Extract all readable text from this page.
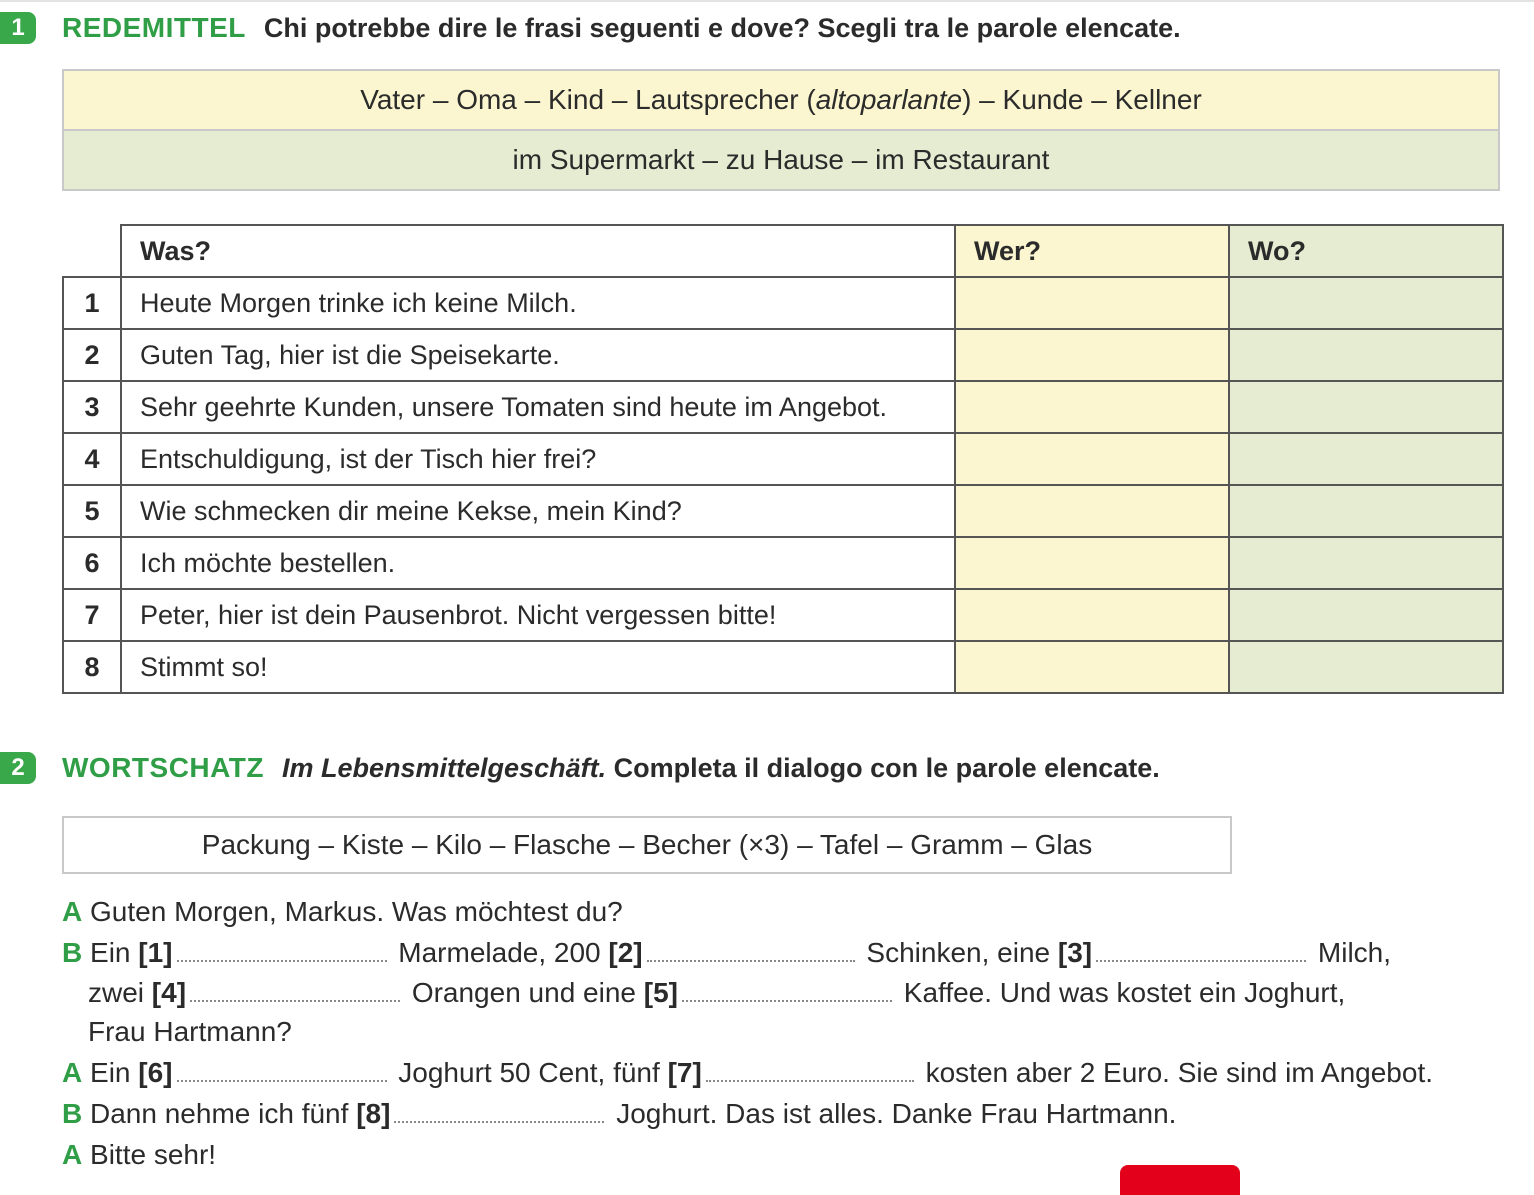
1	REDEMITTEL Chi potrebbe dire le frasi seguenti e dove? Scegli tra le parole elencate.
Vater – Oma – Kind – Lautsprecher ( altoparlante ) – Kunde – Kellner
im Supermarkt – zu Hause – im Restaurant
	Was?	Wer?	Wo?
1	Heute Morgen trinke ich keine Milch.		
2	Guten Tag, hier ist die Speisekarte.		
3	Sehr geehrte Kunden, unsere Tomaten sind heute im Angebot.		
4	Entschuldigung, ist der Tisch hier frei?		
5	Wie schmecken dir meine Kekse, mein Kind?		
6	Ich möchte bestellen.		
7	Peter, hier ist dein Pausenbrot. Nicht vergessen bitte!		
8	Stimmt so!		
2	WORTSCHATZ Im Lebensmittelgeschäft. Completa il dialogo con le parole elencate.
Packung – Kiste – Kilo – Flasche – Becher (×3) – Tafel – Gramm – Glas
A Guten Morgen, Markus. Was möchtest du?
B Ein [1]	Marmelade, 200 [2]	Schinken, eine [3]	Milch,
zwei [4]	Orangen und eine [5]	Kaffee. Und was kostet ein Joghurt,
Frau Hartmann?
A Ein [6]	Joghurt 50 Cent, fünf [7]	kosten aber 2 Euro. Sie sind im Angebot.
B Dann nehme ich fünf [8]	Joghurt. Das ist alles. Danke Frau Hartmann.
A Bitte sehr!
